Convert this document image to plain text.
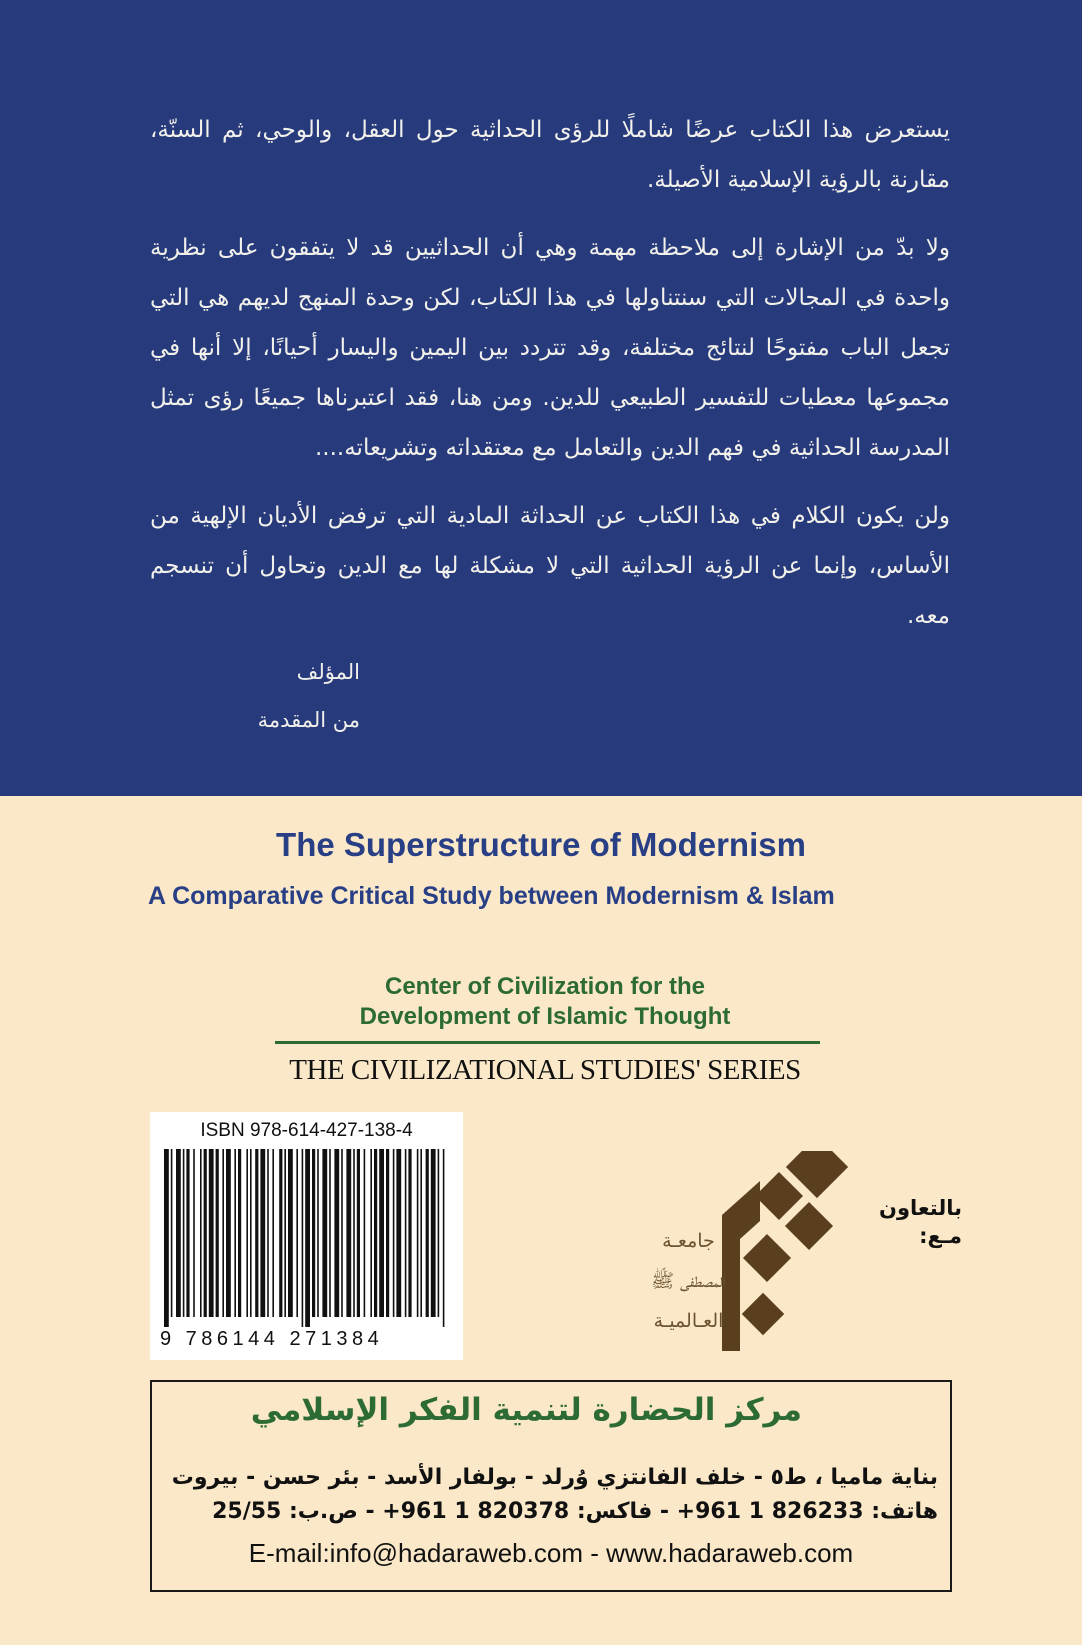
يستعرض هذا الكتاب عرضًا شاملًا للرؤى الحداثية حول العقل، والوحي، ثم السنّة، مقارنة بالرؤية الإسلامية الأصيلة.

ولا بدّ من الإشارة إلى ملاحظة مهمة وهي أن الحداثيين قد لا يتفقون على نظرية واحدة في المجالات التي سنتناولها في هذا الكتاب، لكن وحدة المنهج لديهم هي التي تجعل الباب مفتوحًا لنتائج مختلفة، وقد تتردد بين اليمين واليسار أحيانًا، إلا أنها في مجموعها معطيات للتفسير الطبيعي للدين. ومن هنا، فقد اعتبرناها جميعًا رؤى تمثل المدرسة الحداثية في فهم الدين والتعامل مع معتقداته وتشريعاته....

ولن يكون الكلام في هذا الكتاب عن الحداثة المادية التي ترفض الأديان الإلهية من الأساس، وإنما عن الرؤية الحداثية التي لا مشكلة لها مع الدين وتحاول أن تنسجم معه.

المؤلف
من المقدمة
The Superstructure of Modernism
A Comparative Critical Study between Modernism & Islam
Center of Civilization for the
Development of Islamic Thought
THE CIVILIZATIONAL STUDIES' SERIES
ISBN 978-614-427-138-4
9 786144 271384
بالتعاون
مـع:
جامعـة
المصطفى ﷺ
العـالميـة
مركز الحضارة لتنمية الفكر الإسلامي
بناية ماميا ، ط٥ - خلف الفانتزي وُرلد - بولفار الأسد - بئر حسن - بيروت
هاتف: 826233 1 961+ - فاكس: 820378 1 961+ - ص.ب: 25/55
E-mail:info@hadaraweb.com - www.hadaraweb.com
